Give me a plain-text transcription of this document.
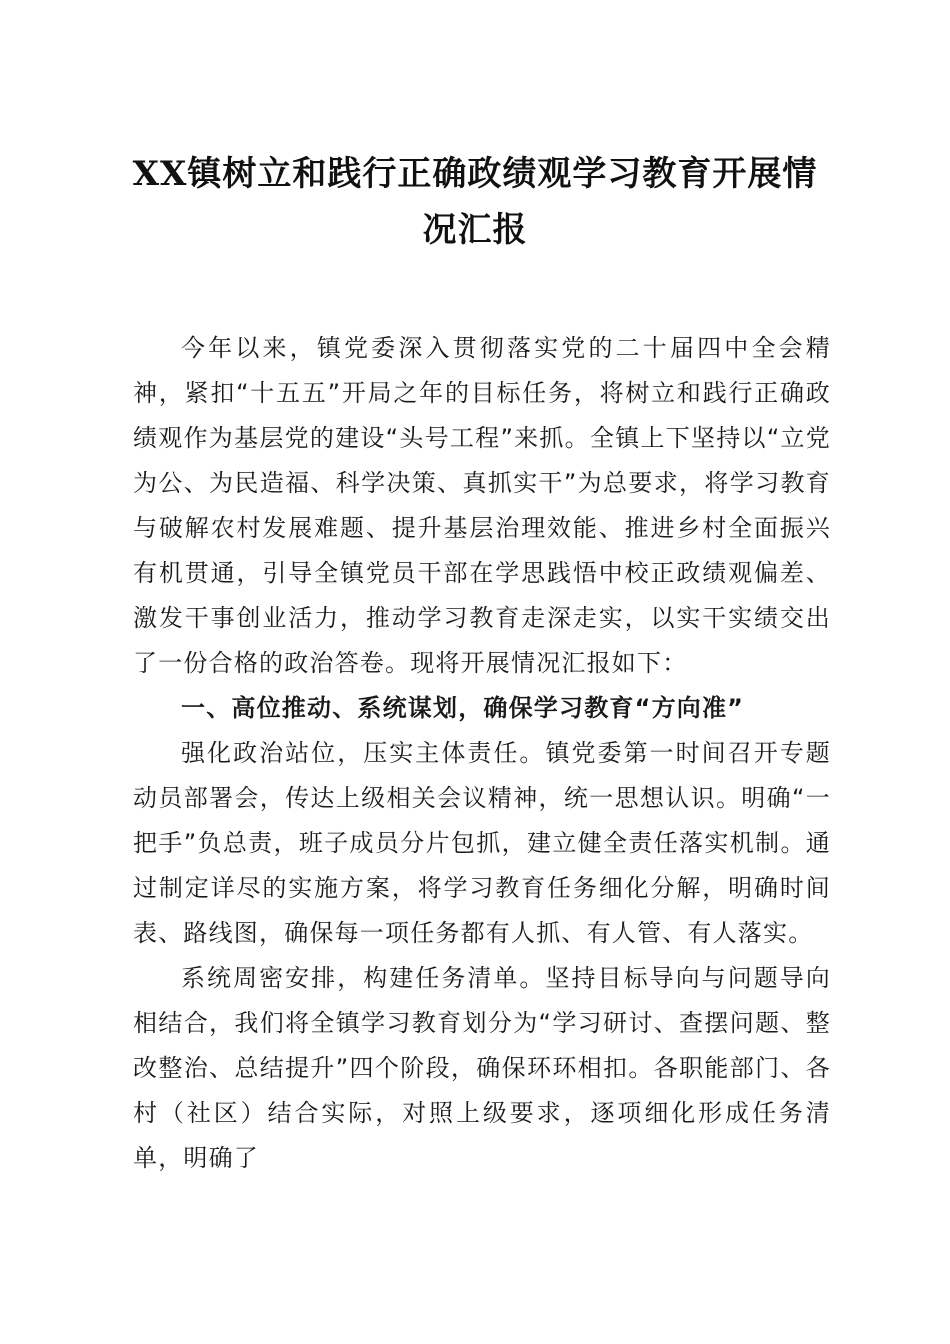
XX镇树立和践行正确政绩观学习教育开展情况汇报

今年以来，镇党委深入贯彻落实党的二十届四中全会精神，紧扣“十五五”开局之年的目标任务，将树立和践行正确政绩观作为基层党的建设“头号工程”来抓。全镇上下坚持以“立党为公、为民造福、科学决策、真抓实干”为总要求，将学习教育与破解农村发展难题、提升基层治理效能、推进乡村全面振兴有机贯通，引导全镇党员干部在学思践悟中校正政绩观偏差、激发干事创业活力，推动学习教育走深走实，以实干实绩交出了一份合格的政治答卷。现将开展情况汇报如下：

一、高位推动、系统谋划，确保学习教育“方向准”

强化政治站位，压实主体责任。镇党委第一时间召开专题动员部署会，传达上级相关会议精神，统一思想认识。明确“一把手”负总责，班子成员分片包抓，建立健全责任落实机制。通过制定详尽的实施方案，将学习教育任务细化分解，明确时间表、路线图，确保每一项任务都有人抓、有人管、有人落实。

系统周密安排，构建任务清单。坚持目标导向与问题导向相结合，我们将全镇学习教育划分为“学习研讨、查摆问题、整改整治、总结提升”四个阶段，确保环环相扣。各职能部门、各村（社区）结合实际，对照上级要求，逐项细化形成任务清单，明确了
